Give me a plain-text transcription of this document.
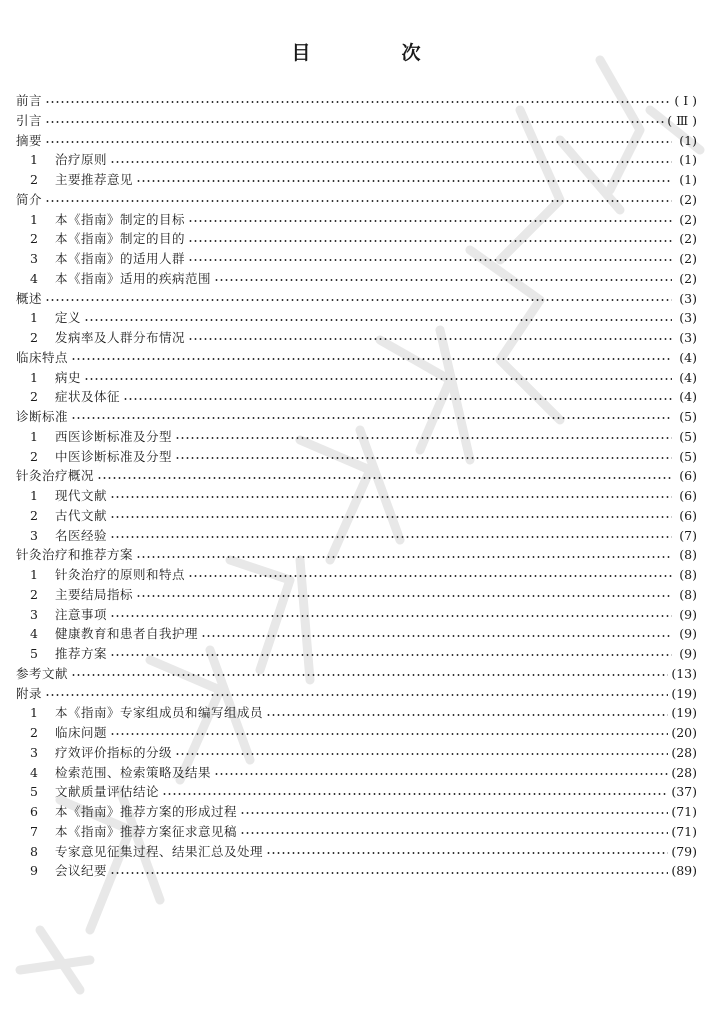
目　次
前言	( Ⅰ )
引言	( Ⅲ )
摘要	(1)
1	治疗原则	(1)
2	主要推荐意见	(1)
简介	(2)
1	本《指南》制定的目标	(2)
2	本《指南》制定的目的	(2)
3	本《指南》的适用人群	(2)
4	本《指南》适用的疾病范围	(2)
概述	(3)
1	定义	(3)
2	发病率及人群分布情况	(3)
临床特点	(4)
1	病史	(4)
2	症状及体征	(4)
诊断标准	(5)
1	西医诊断标准及分型	(5)
2	中医诊断标准及分型	(5)
针灸治疗概况	(6)
1	现代文献	(6)
2	古代文献	(6)
3	名医经验	(7)
针灸治疗和推荐方案	(8)
1	针灸治疗的原则和特点	(8)
2	主要结局指标	(8)
3	注意事项	(9)
4	健康教育和患者自我护理	(9)
5	推荐方案	(9)
参考文献	(13)
附录	(19)
1	本《指南》专家组成员和编写组成员	(19)
2	临床问题	(20)
3	疗效评价指标的分级	(28)
4	检索范围、检索策略及结果	(28)
5	文献质量评估结论	(37)
6	本《指南》推荐方案的形成过程	(71)
7	本《指南》推荐方案征求意见稿	(71)
8	专家意见征集过程、结果汇总及处理	(79)
9	会议纪要	(89)
